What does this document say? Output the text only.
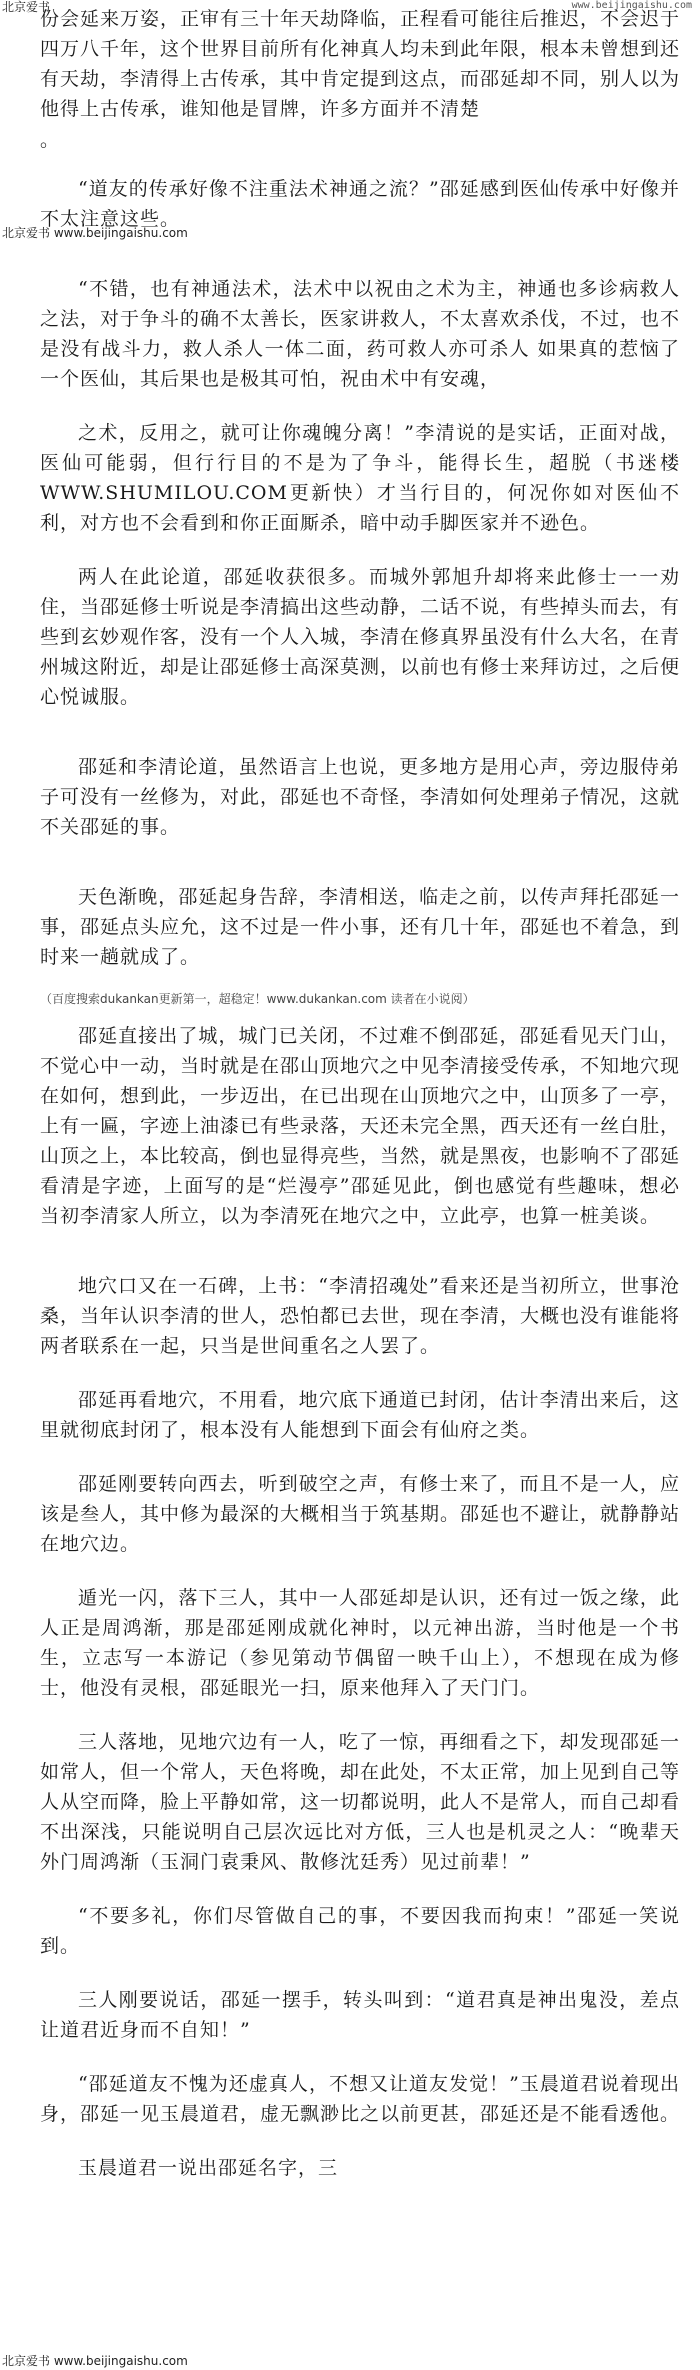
北京爱书	www.beijingaishu.com
北京爱书 www.beijingaishu.com

份会延来万姿，正审有三十年天劫降临，正程看可能往后推迟，不会迟于四万八千年，这个世界目前所有化神真人均未到此年限，根本未曾想到还有天劫，李清得上古传承，其中肯定提到这点，而邵延却不同，别人以为他得上古传承，谁知他是冒牌，许多方面并不清楚

。

“道友的传承好像不注重法术神通之流？”邵延感到医仙传承中好像并不太注意这些。

“不错，也有神通法术，法术中以祝由之术为主，神通也多诊病救人之法，对于争斗的确不太善长，医家讲救人，不太喜欢杀伐，不过，也不是没有战斗力，救人杀人一体二面，药可救人亦可杀人 如果真的惹恼了一个医仙，其后果也是极其可怕，祝由术中有安魂，

之术，反用之，就可让你魂魄分离！”李清说的是实话，正面对战，医仙可能弱，但行行目的不是为了争斗，能得长生，超脱（书迷楼WWW.SHUMILOU.COM更新快）才当行目的，何况你如对医仙不利，对方也不会看到和你正面厮杀，暗中动手脚医家并不逊色。

两人在此论道，邵延收获很多。而城外郭旭升却将来此修士一一劝住，当邵延修士听说是李清搞出这些动静，二话不说，有些掉头而去，有些到玄妙观作客，没有一个人入城，李清在修真界虽没有什么大名，在青州城这附近，却是让邵延修士高深莫测，以前也有修士来拜访过，之后便心悦诚服。

邵延和李清论道，虽然语言上也说，更多地方是用心声，旁边服侍弟子可没有一丝修为，对此，邵延也不奇怪，李清如何处理弟子情况，这就不关邵延的事。

天色渐晚，邵延起身告辞，李清相送，临走之前，以传声拜托邵延一事，邵延点头应允，这不过是一件小事，还有几十年，邵延也不着急，到时来一趟就成了。

（百度搜索dukankan更新第一，超稳定！www.dukankan.com 读者在小说阅）

邵延直接出了城，城门已关闭，不过难不倒邵延，邵延看见天门山，不觉心中一动，当时就是在邵山顶地穴之中见李清接受传承，不知地穴现在如何，想到此，一步迈出，在已出现在山顶地穴之中，山顶多了一亭，上有一匾，字迹上油漆已有些录落，天还未完全黑，西天还有一丝白肚，山顶之上，本比较高，倒也显得亮些，当然，就是黑夜，也影响不了邵延看清是字迹，上面写的是“烂漫亭”邵延见此，倒也感觉有些趣味，想必当初李清家人所立，以为李清死在地穴之中，立此亭，也算一桩美谈。

地穴口又在一石碑，上书：“李清招魂处”看来还是当初所立，世事沧桑，当年认识李清的世人，恐怕都已去世，现在李清，大概也没有谁能将两者联系在一起，只当是世间重名之人罢了。

邵延再看地穴，不用看，地穴底下通道已封闭，估计李清出来后，这里就彻底封闭了，根本没有人能想到下面会有仙府之类。

邵延刚要转向西去，听到破空之声，有修士来了，而且不是一人，应该是叁人，其中修为最深的大概相当于筑基期。邵延也不避让，就静静站在地穴边。

遁光一闪，落下三人，其中一人邵延却是认识，还有过一饭之缘，此人正是周鸿渐，那是邵延刚成就化神时，以元神出游，当时他是一个书生，立志写一本游记（参见第动节偶留一映千山上），不想现在成为修士，他没有灵根，邵延眼光一扫，原来他拜入了天门门。

三人落地，见地穴边有一人，吃了一惊，再细看之下，却发现邵延一如常人，但一个常人，天色将晚，却在此处，不太正常，加上见到自己等人从空而降，脸上平静如常，这一切都说明，此人不是常人，而自己却看不出深浅，只能说明自己层次远比对方低，三人也是机灵之人：“晚辈天外门周鸿渐（玉洞门袁秉风、散修沈廷秀）见过前辈！”

“不要多礼，你们尽管做自己的事，不要因我而拘束！”邵延一笑说到。

三人刚要说话，邵延一摆手，转头叫到：“道君真是神出鬼没，差点让道君近身而不自知！”

“邵延道友不愧为还虚真人，不想又让道友发觉！”玉晨道君说着现出身，邵延一见玉晨道君，虚无飘渺比之以前更甚，邵延还是不能看透他。

玉晨道君一说出邵延名字，三

北京爱书 www.beijingaishu.com
